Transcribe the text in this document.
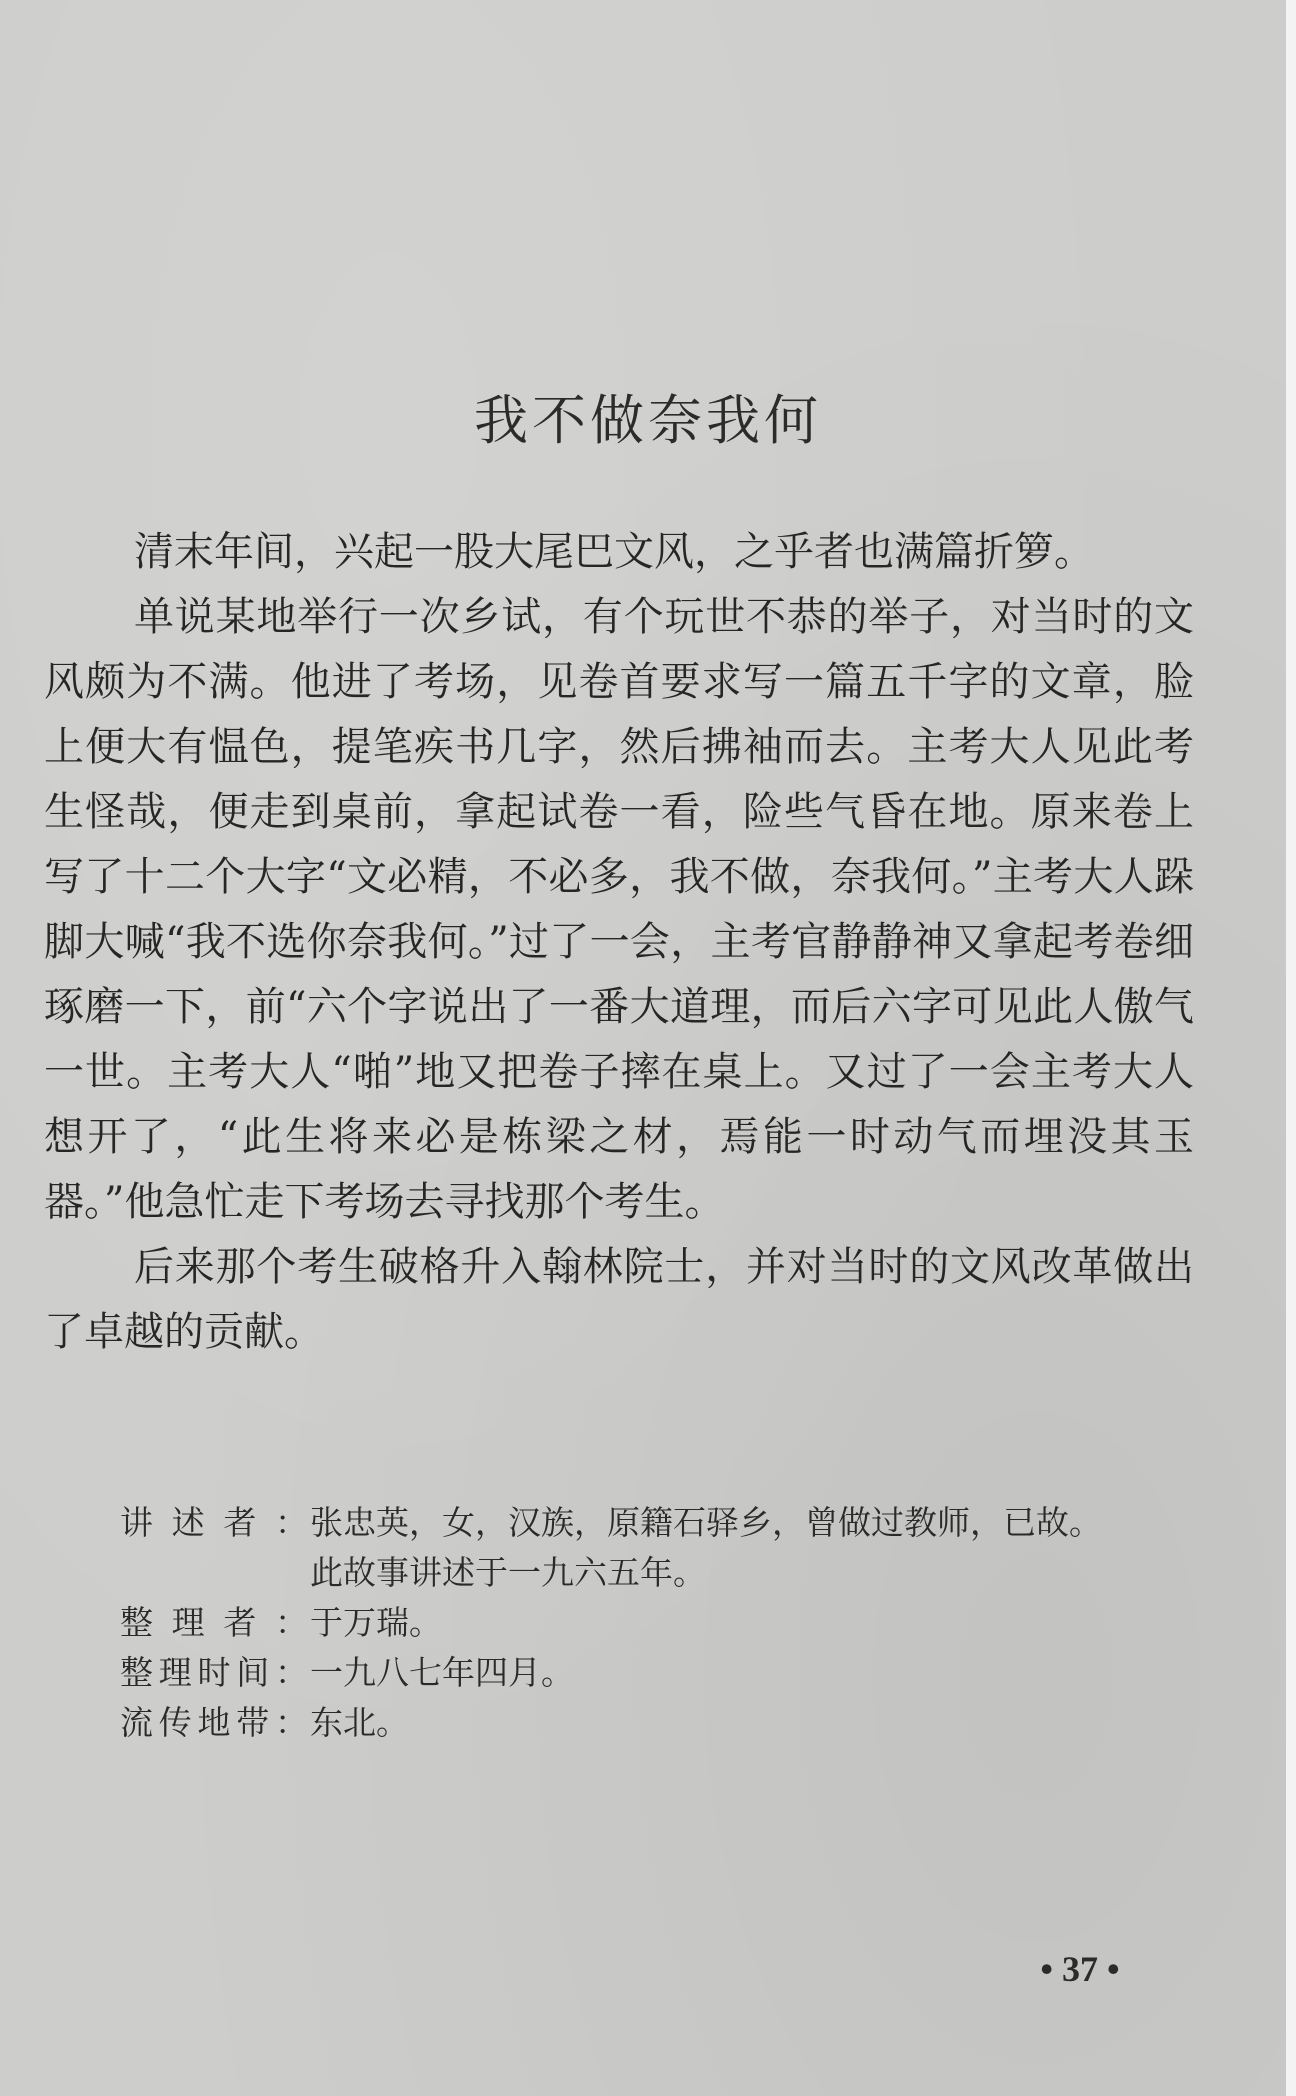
我不做奈我何

清末年间，兴起一股大尾巴文风，之乎者也满篇折箩。

单说某地举行一次乡试，有个玩世不恭的举子，对当时的文风颇为不满。他进了考场，见卷首要求写一篇五千字的文章，脸上便大有愠色，提笔疾书几字，然后拂袖而去。主考大人见此考生怪哉，便走到桌前，拿起试卷一看，险些气昏在地。原来卷上写了十二个大字“文必精，不必多，我不做，奈我何。”主考大人跺脚大喊“我不选你奈我何。”过了一会，主考官静静神又拿起考卷细琢磨一下，前“六个字说出了一番大道理，而后六字可见此人傲气一世。主考大人“啪”地又把卷子摔在桌上。又过了一会主考大人想开了，“此生将来必是栋梁之材，焉能一时动气而埋没其玉器。”他急忙走下考场去寻找那个考生。

后来那个考生破格升入翰林院士，并对当时的文风改革做出了卓越的贡献。

讲述者： 张忠英，女，汉族，原籍石驿乡，曾做过教师，已故。
此故事讲述于一九六五年。
整理者： 于万瑞。
整理时间： 一九八七年四月。
流传地带： 东北。
• 37 •
